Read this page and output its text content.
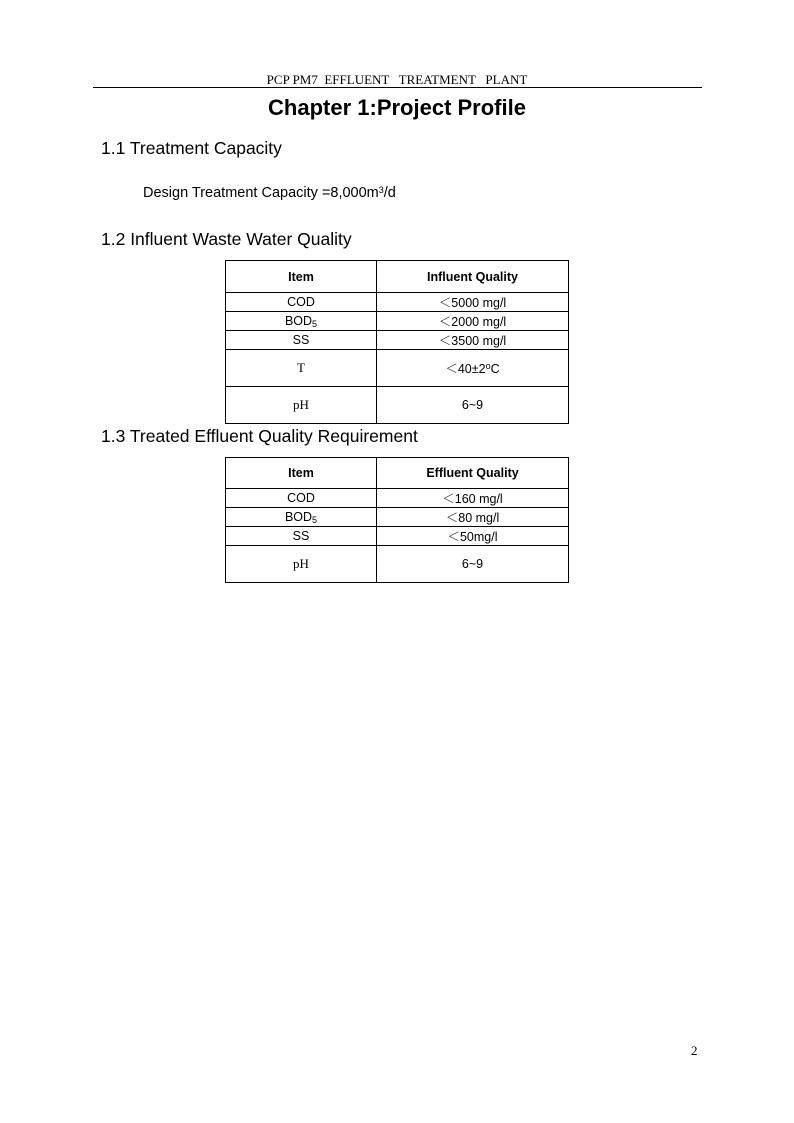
PCP PM7  EFFLUENT   TREATMENT   PLANT
Chapter 1:Project Profile
1.1 Treatment Capacity
Design Treatment Capacity $=8,000m^3/d$
1.2 Influent Waste Water Quality
Item	Influent Quality
COD	＜5000 mg/l
$BOD_5$	＜2000 mg/l
SS	＜3500 mg/l
T	$<40\pm 2^oC$
pH	6~9
1.3 Treated Effluent Quality Requirement
Item	Effluent Quality
COD	＜160 mg/l
$BOD_5$	＜80 mg/l
SS	＜50mg/l
pH	6~9
2
